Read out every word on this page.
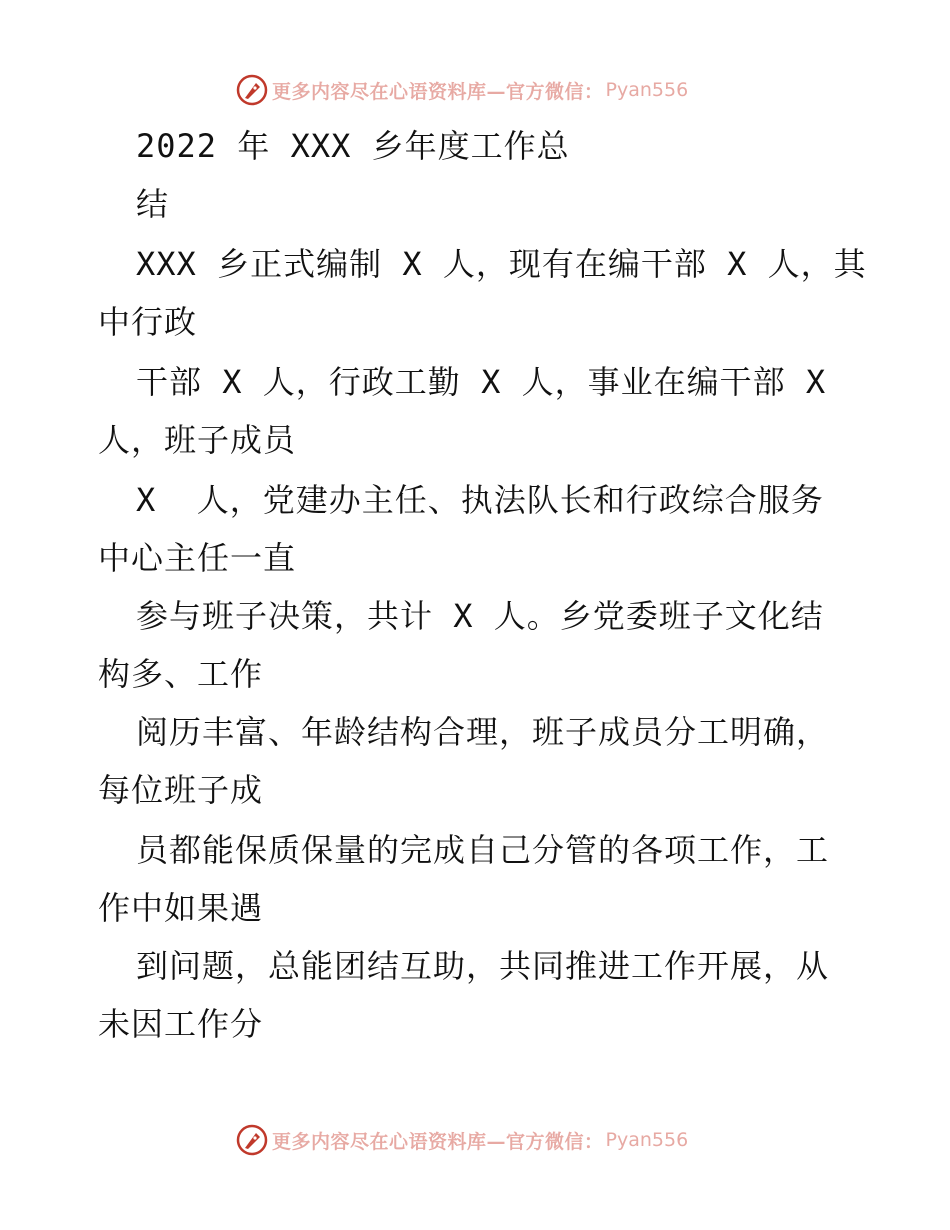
更多内容尽在心语资料库—官方微信： Pyan556
2022 年 XXX 乡年度工作总
结
XXX 乡正式编制 X 人，现有在编干部 X 人，其
中行政
干部 X 人，行政工勤 X 人，事业在编干部 X
人，班子成员
X  人，党建办主任、执法队长和行政综合服务
中心主任一直
参与班子决策，共计 X 人。乡党委班子文化结
构多、工作
阅历丰富、年龄结构合理，班子成员分工明确，
每位班子成
员都能保质保量的完成自己分管的各项工作，工
作中如果遇
到问题，总能团结互助，共同推进工作开展，从
未因工作分
更多内容尽在心语资料库—官方微信： Pyan556
